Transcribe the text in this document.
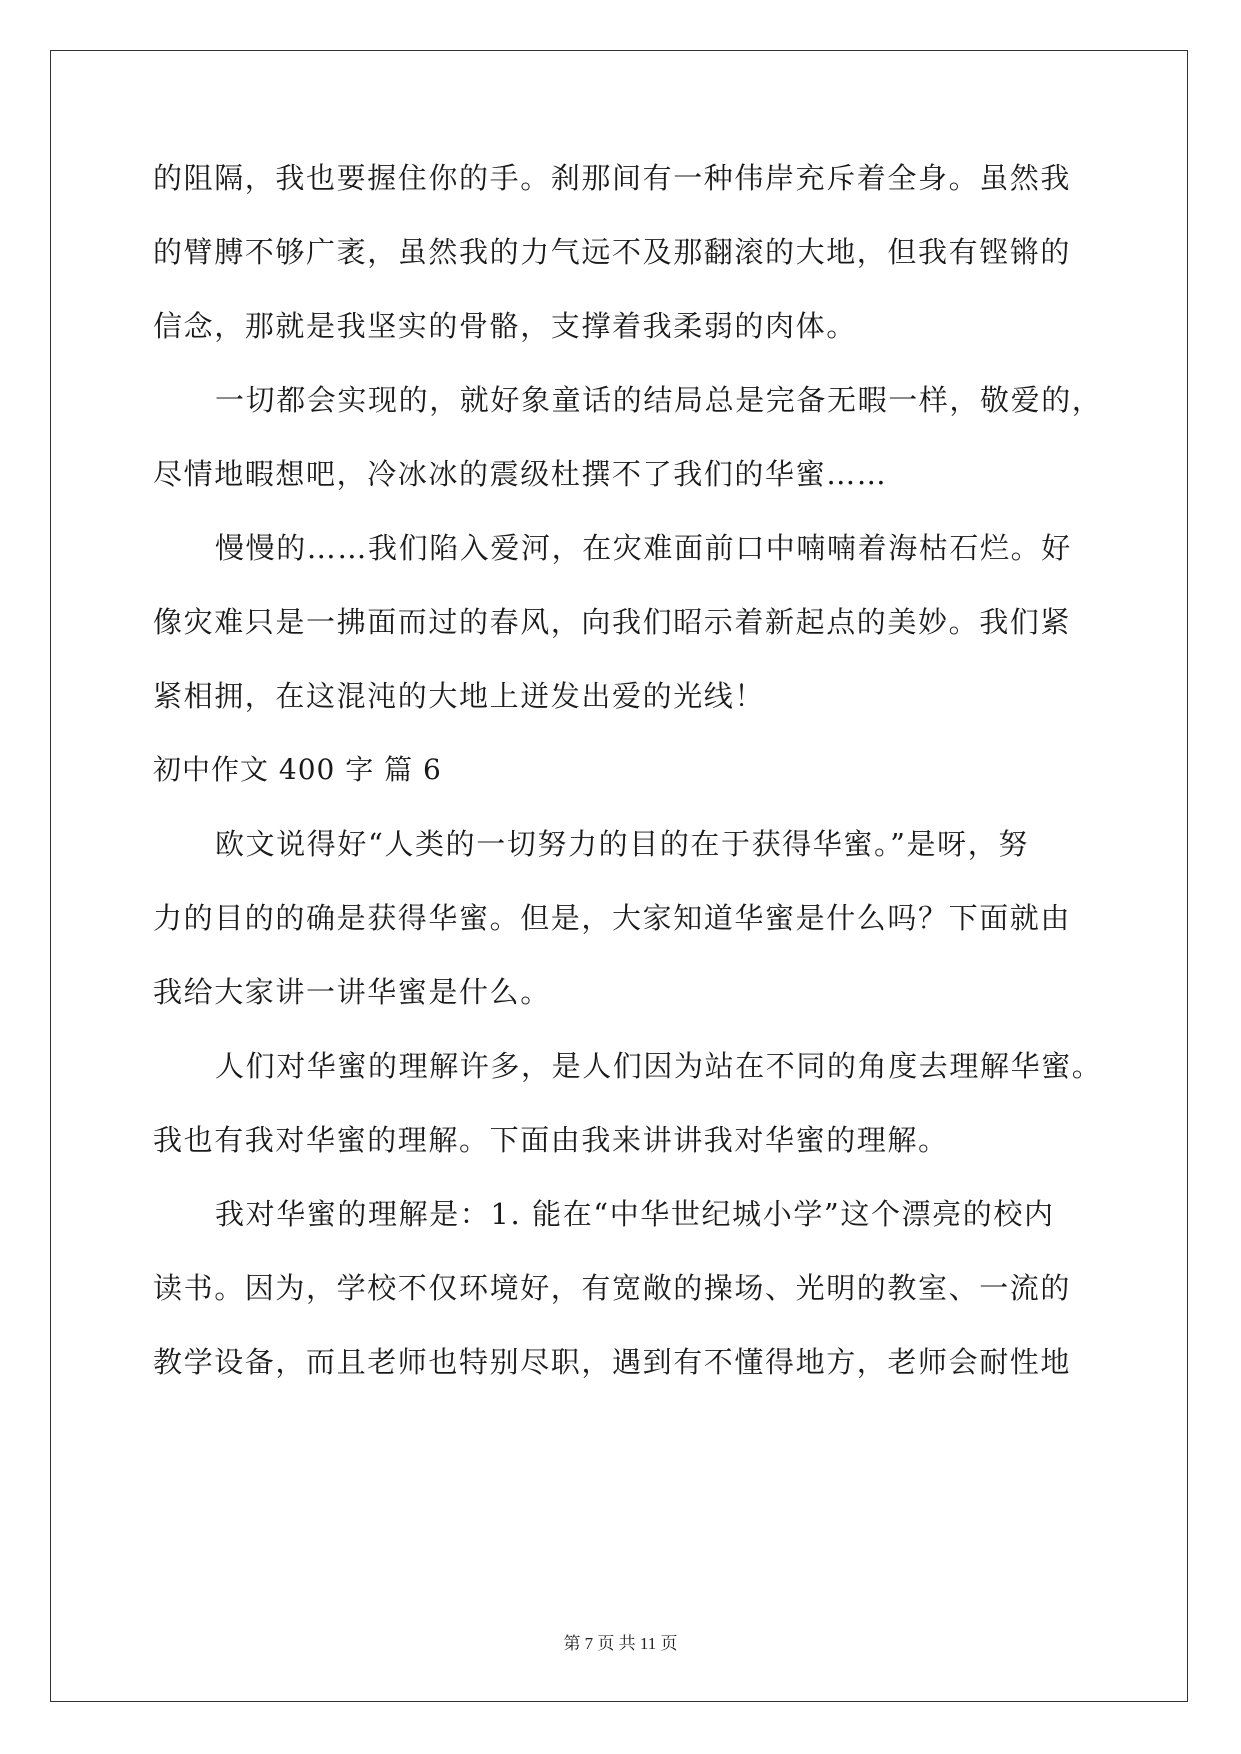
的阻隔，我也要握住你的手。刹那间有一种伟岸充斥着全身。虽然我
的臂膊不够广袤，虽然我的力气远不及那翻滚的大地，但我有铿锵的
信念，那就是我坚实的骨骼，支撑着我柔弱的肉体。
一切都会实现的，就好象童话的结局总是完备无暇一样，敬爱的，
尽情地暇想吧，冷冰冰的震级杜撰不了我们的华蜜……
慢慢的……我们陷入爱河，在灾难面前口中喃喃着海枯石烂。好
像灾难只是一拂面而过的春风，向我们昭示着新起点的美妙。我们紧
紧相拥，在这混沌的大地上迸发出爱的光线！
初中作文 400 字 篇 6
欧文说得好“人类的一切努力的目的在于获得华蜜。”是呀，努
力的目的的确是获得华蜜。但是，大家知道华蜜是什么吗？下面就由
我给大家讲一讲华蜜是什么。
人们对华蜜的理解许多，是人们因为站在不同的角度去理解华蜜。
我也有我对华蜜的理解。下面由我来讲讲我对华蜜的理解。
我对华蜜的理解是：1. 能在“中华世纪城小学”这个漂亮的校内
读书。因为，学校不仅环境好，有宽敞的操场、光明的教室、一流的
教学设备，而且老师也特别尽职，遇到有不懂得地方，老师会耐性地
第 7 页 共 11 页
